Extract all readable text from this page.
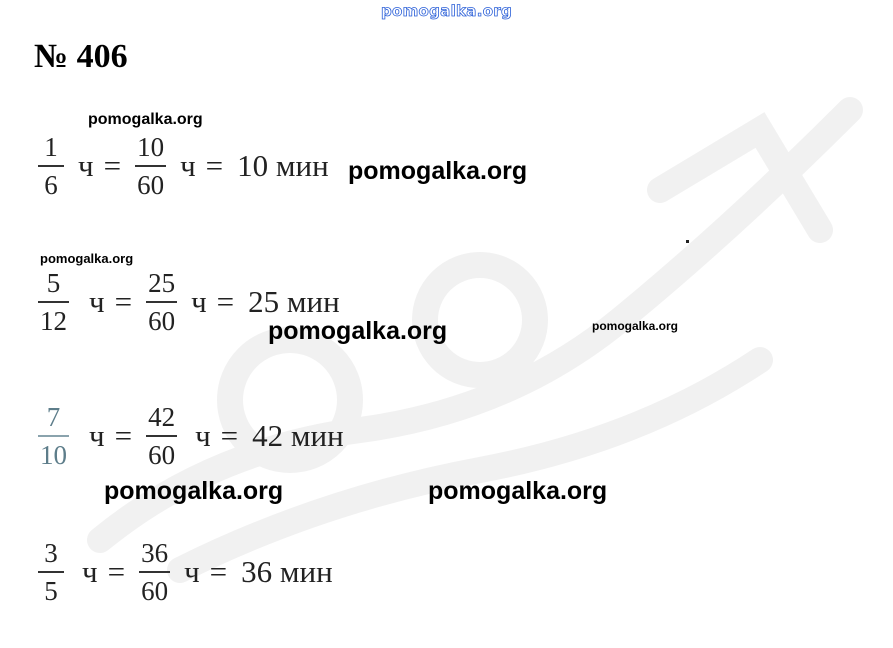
pomogalka.org
№ 406
$\frac{1}{6}$ $ч = \frac{10}{60}$ ч = 10 мин
$\frac{5}{12}$ $ч = \frac{25}{60}$ ч = 25 мин
$\frac{7}{10}$ $ч = \frac{42}{60}$ ч = 42 мин
$\frac{3}{5}$ $ч = \frac{36}{60}$ ч = 36 мин
pomogalka.org
pomogalka.org
pomogalka.org
pomogalka.org	pomogalka.org
pomogalka.org	pomogalka.org
